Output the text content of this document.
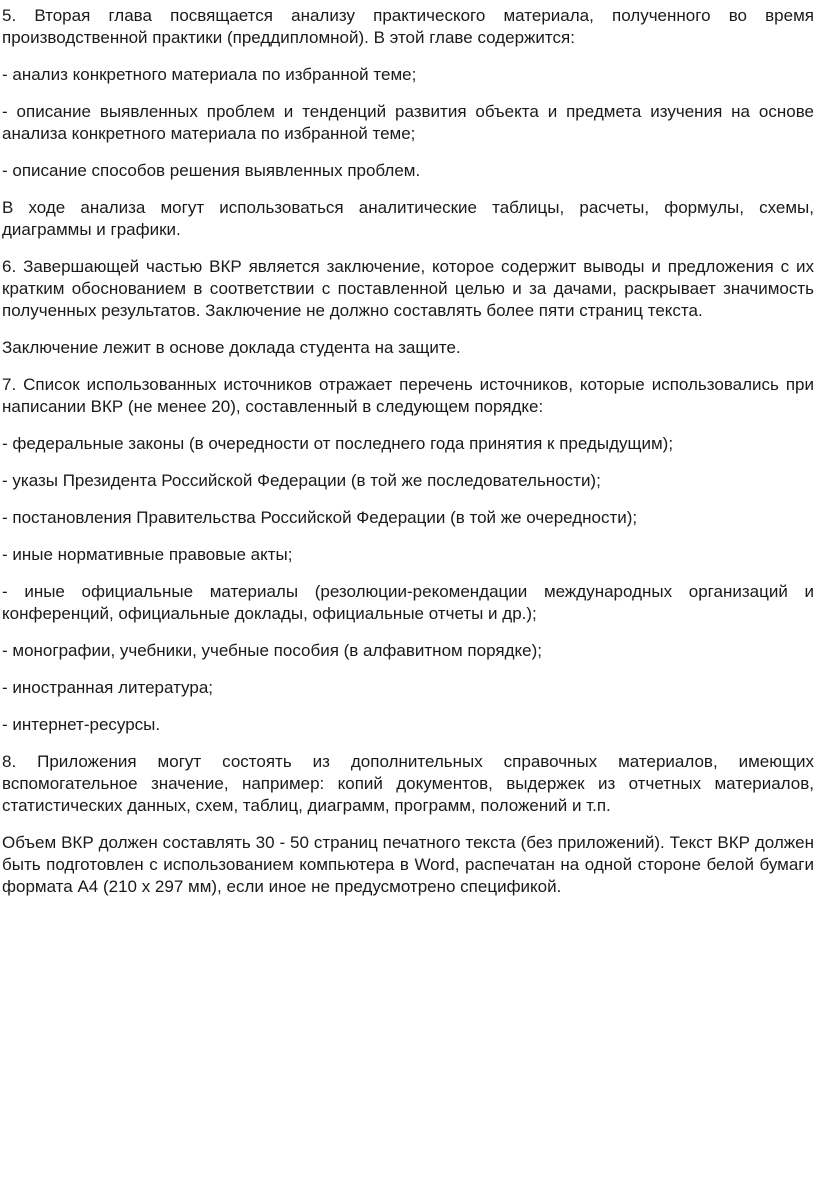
5. Вторая глава посвящается анализу практического материала, полученного во время производственной практики (преддипломной). В этой главе содержится:

- анализ конкретного материала по избранной теме;

- описание выявленных проблем и тенденций развития объекта и предмета изучения на основе анализа конкретного материала по избранной теме;

- описание способов решения выявленных проблем.

В ходе анализа могут использоваться аналитические таблицы, расчеты, формулы, схемы, диаграммы и графики.

6. Завершающей частью ВКР является заключение, которое содержит выводы и предложения с их кратким обоснованием в соответствии с поставленной целью и за дачами, раскрывает значимость полученных результатов. Заключение не должно составлять более пяти страниц текста.

Заключение лежит в основе доклада студента на защите.

7. Список использованных источников отражает перечень источников, которые использовались при написании ВКР (не менее 20), составленный в следующем порядке:

- федеральные законы (в очередности от последнего года принятия к предыдущим);

- указы Президента Российской Федерации (в той же последовательности);

- постановления Правительства Российской Федерации (в той же очередности);

- иные нормативные правовые акты;

- иные официальные материалы (резолюции-рекомендации международных организаций и конференций, официальные доклады, официальные отчеты и др.);

- монографии, учебники, учебные пособия (в алфавитном порядке);

- иностранная литература;

- интернет-ресурсы.

8. Приложения могут состоять из дополнительных справочных материалов, имеющих вспомогательное значение, например: копий документов, выдержек из отчетных материалов, статистических данных, схем, таблиц, диаграмм, программ, положений и т.п.

Объем ВКР должен составлять 30 - 50 страниц печатного текста (без приложений). Текст ВКР должен быть подготовлен с использованием компьютера в Word, распечатан на одной стороне белой бумаги формата А4 (210 х 297 мм), если иное не предусмотрено спецификой.
